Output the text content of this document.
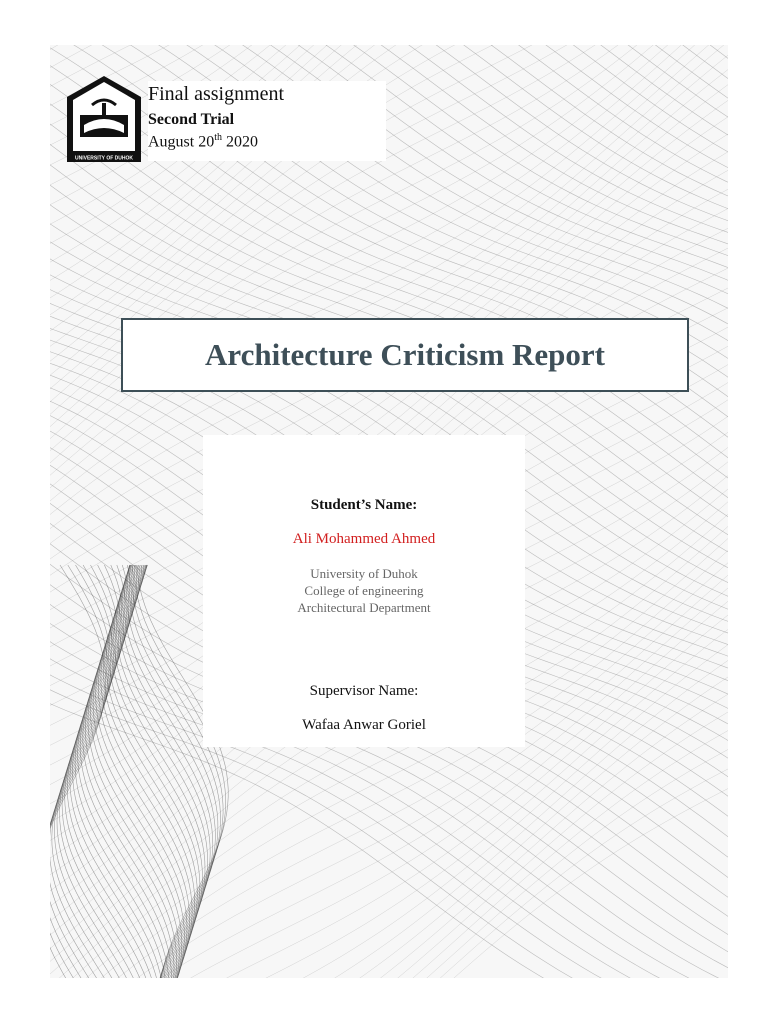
UNIVERSITY OF DUHOK
Final assignment
Second Trial
August 20th 2020
Architecture Criticism Report
Student’s Name:
Ali Mohammed Ahmed
University of Duhok
College of engineering
Architectural Department
Supervisor Name:
Wafaa Anwar Goriel
